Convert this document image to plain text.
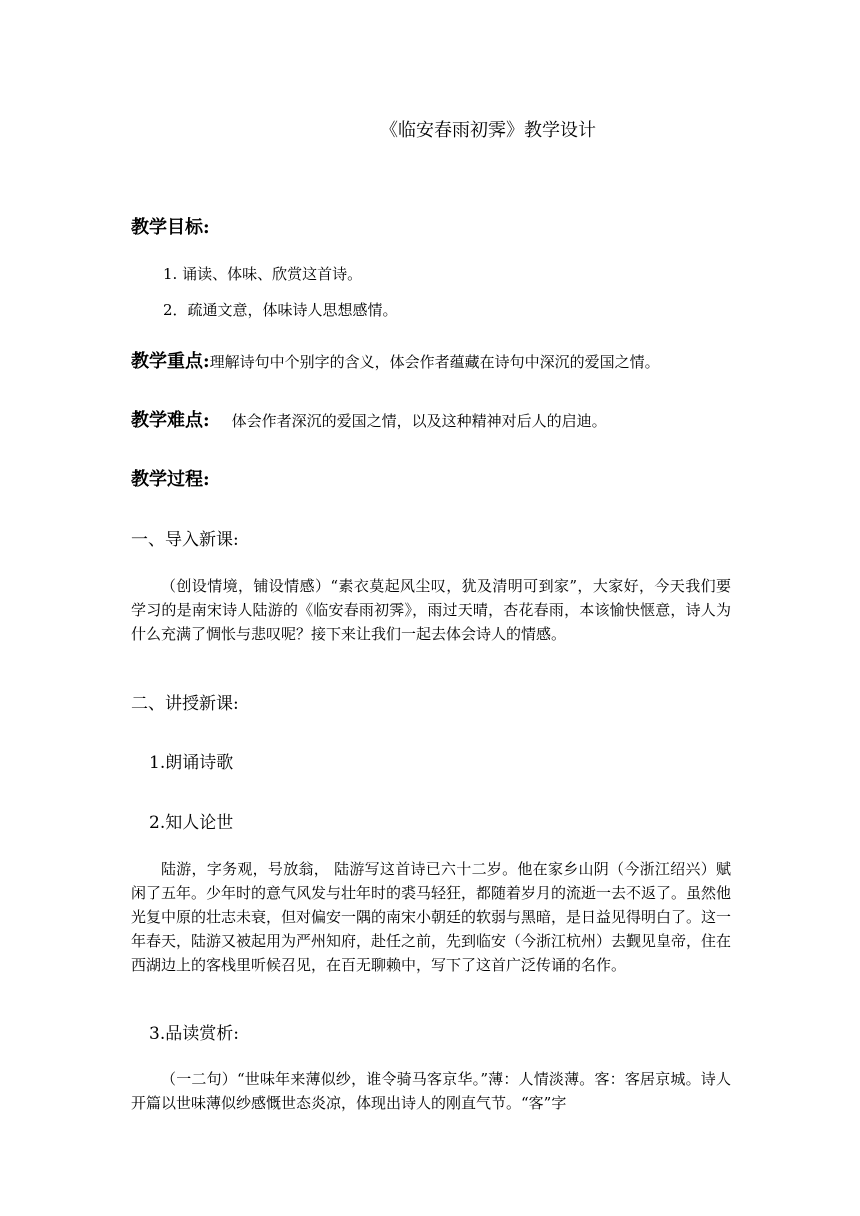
《临安春雨初霁》教学设计
教学目标:
1. 诵读、体味、欣赏这首诗。
2．疏通文意，体味诗人思想感情。
教学重点:理解诗句中个别字的含义，体会作者蕴藏在诗句中深沉的爱国之情。
教学难点: 体会作者深沉的爱国之情，以及这种精神对后人的启迪。
教学过程:
一、导入新课:
（创设情境，铺设情感）“素衣莫起风尘叹，犹及清明可到家”，大家好，今天我们要学习的是南宋诗人陆游的《临安春雨初霁》，雨过天晴，杏花春雨，本该愉快惬意，诗人为什么充满了惆怅与悲叹呢？接下来让我们一起去体会诗人的情感。
二、讲授新课:
1.朗诵诗歌
2.知人论世
陆游，字务观，号放翁， 陆游写这首诗已六十二岁。他在家乡山阴（今浙江绍兴）赋闲了五年。少年时的意气风发与壮年时的裘马轻狂，都随着岁月的流逝一去不返了。虽然他光复中原的壮志未衰，但对偏安一隅的南宋小朝廷的软弱与黑暗，是日益见得明白了。这一年春天，陆游又被起用为严州知府，赴任之前，先到临安（今浙江杭州）去觐见皇帝，住在西湖边上的客栈里听候召见，在百无聊赖中，写下了这首广泛传诵的名作。
3.品读赏析:
（一二句）“世味年来薄似纱，谁令骑马客京华。”薄：人情淡薄。客：客居京城。诗人开篇以世味薄似纱感慨世态炎凉，体现出诗人的刚直气节。“客”字
